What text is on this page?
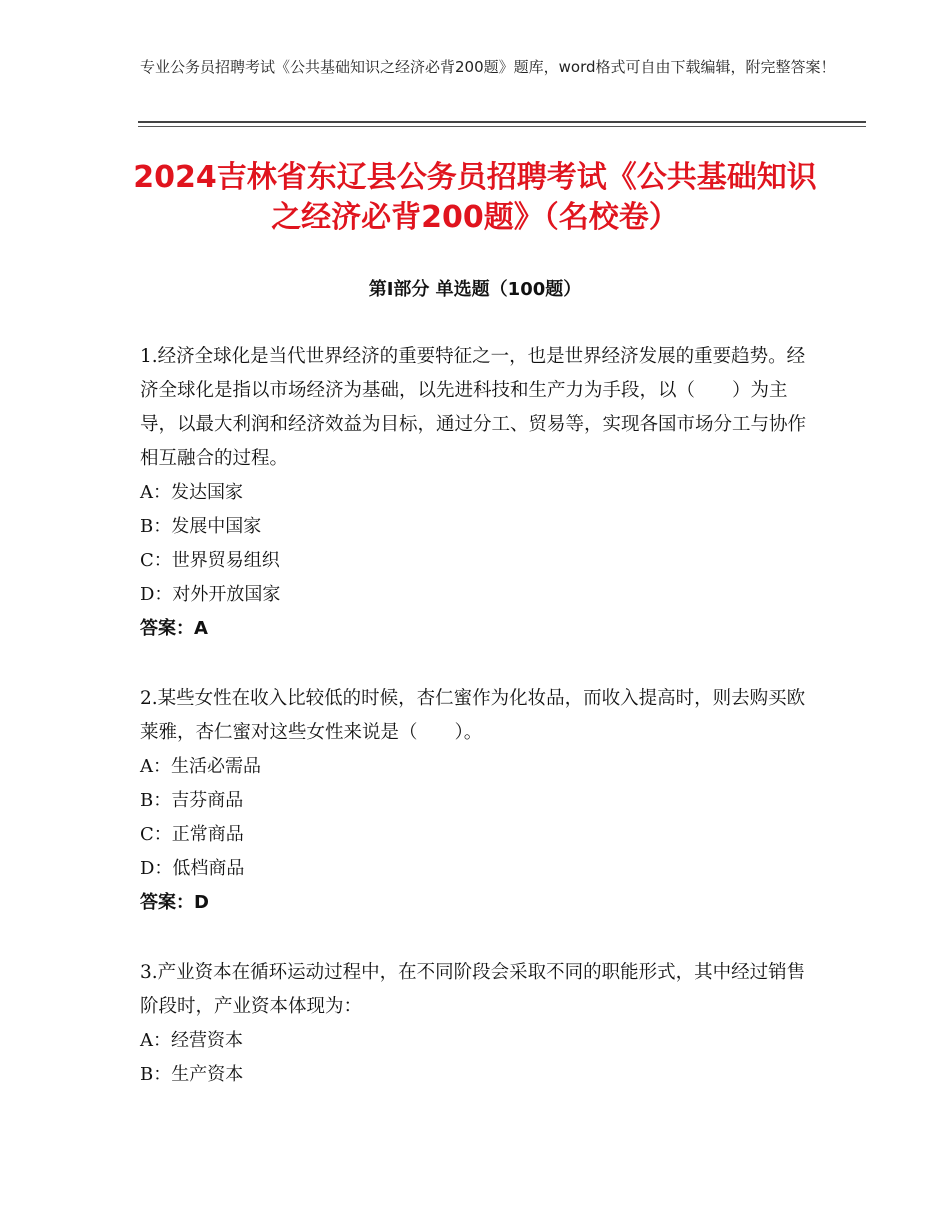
专业公务员招聘考试《公共基础知识之经济必背200题》题库，word格式可自由下载编辑，附完整答案！
2024吉林省东辽县公务员招聘考试《公共基础知识之经济必背200题》（名校卷）
第I部分 单选题（100题）

1.经济全球化是当代世界经济的重要特征之一，也是世界经济发展的重要趋势。经济全球化是指以市场经济为基础，以先进科技和生产力为手段，以（　　）为主导，以最大利润和经济效益为目标，通过分工、贸易等，实现各国市场分工与协作相互融合的过程。

A：发达国家

B：发展中国家

C：世界贸易组织

D：对外开放国家

答案：A

2.某些女性在收入比较低的时候，杏仁蜜作为化妆品，而收入提高时，则去购买欧莱雅，杏仁蜜对这些女性来说是（　　）。

A：生活必需品

B：吉芬商品

C：正常商品

D：低档商品

答案：D

3.产业资本在循环运动过程中，在不同阶段会采取不同的职能形式，其中经过销售阶段时，产业资本体现为：

A：经营资本

B：生产资本
